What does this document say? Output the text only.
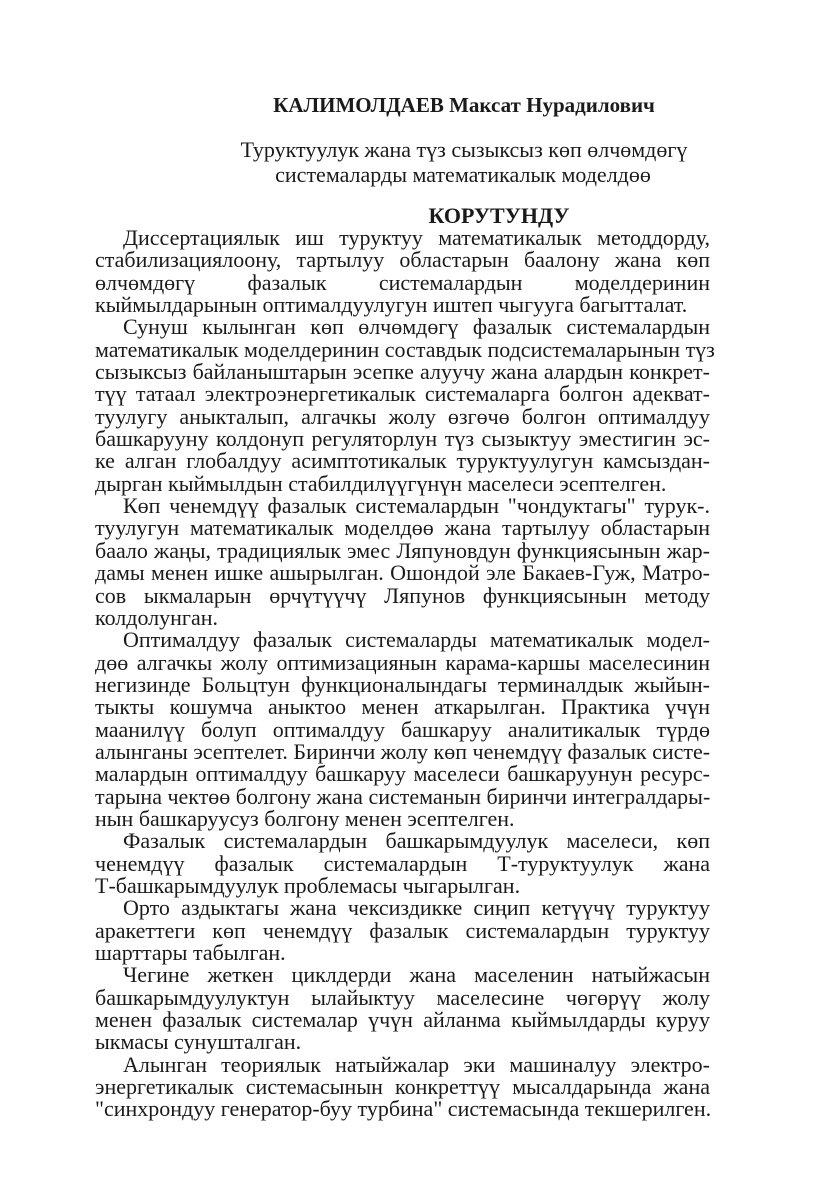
КАЛИМОЛДАЕВ Максат Нурадилович
Туруктуулук жана түз сызыксыз көп өлчөмдөгү
системаларды математикалык моделдөө
КОРУТУНДУ
Диссертациялык иш туруктуу математикалык методдорду,
стабилизациялоону, тартылуу областарын баалону жана көп
өлчөмдөгү фазалык системалардын моделдеринин
кыймылдарынын оптималдуулугун иштеп чыгууга багытталат.
Сунуш кылынган көп өлчөмдөгү фазалык системалардын
математикалык моделдеринин составдык подсистемаларынын түз
сызыксыз байланыштарын эсепке алуучу жана алардын конкрет-
түү татаал электроэнергетикалык системаларга болгон адекват-
туулугу аныкталып, алгачкы жолу өзгөчө болгон оптималдуу
башкарууну колдонуп регуляторлун түз сызыктуу эместигин эс-
ке алган глобалдуу асимптотикалык туруктуулугун камсыздан-
дырган кыймылдын стабилдилүүгүнүн маселеси эсептелген.
Көп ченемдүү фазалык системалардын "чондуктагы" турук-.
туулугун математикалык моделдөө жана тартылуу областарын
баало жаңы, традициялык эмес Ляпуновдун функциясынын жар-
дамы менен ишке ашырылган. Ошондой эле Бакаев-Гуж, Матро-
сов ыкмаларын өрчүтүүчү Ляпунов функциясынын методу
колдолунган.
Оптималдуу фазалык системаларды математикалык модел-
дөө алгачкы жолу оптимизациянын карама-каршы маселесинин
негизинде Больцтун функционалындагы терминалдык жыйын-
тыкты кошумча аныктоо менен аткарылган. Практика үчүн
маанилүү болуп оптималдуу башкаруу аналитикалык түрдө
алынганы эсептелет. Биринчи жолу көп ченемдүү фазалык систе-
малардын оптималдуу башкаруу маселеси башкаруунун ресурс-
тарына чектөө болгону жана системанын биринчи интегралдары-
нын башкаруусуз болгону менен эсептелген.
Фазалык системалардын башкарымдуулук маселеси, көп
ченемдүү фазалык системалардын Т-туруктуулук жана
Т-башкарымдуулук проблемасы чыгарылган.
Орто аздыктагы жана чексиздикке сиңип кетүүчү туруктуу
аракеттеги көп ченемдүү фазалык системалардын туруктуу
шарттары табылган.
Чегине жеткен циклдерди жана маселенин натыйжасын
башкарымдуулуктун ылайыктуу маселесине чөгөрүү жолу
менен фазалык системалар үчүн айланма кыймылдарды куруу
ыкмасы сунушталган.
Алынган теориялык натыйжалар эки машиналуу электро-
энергетикалык системасынын конкреттүү мысалдарында жана
"синхрондуу генератор-буу турбина" системасында текшерилген.
